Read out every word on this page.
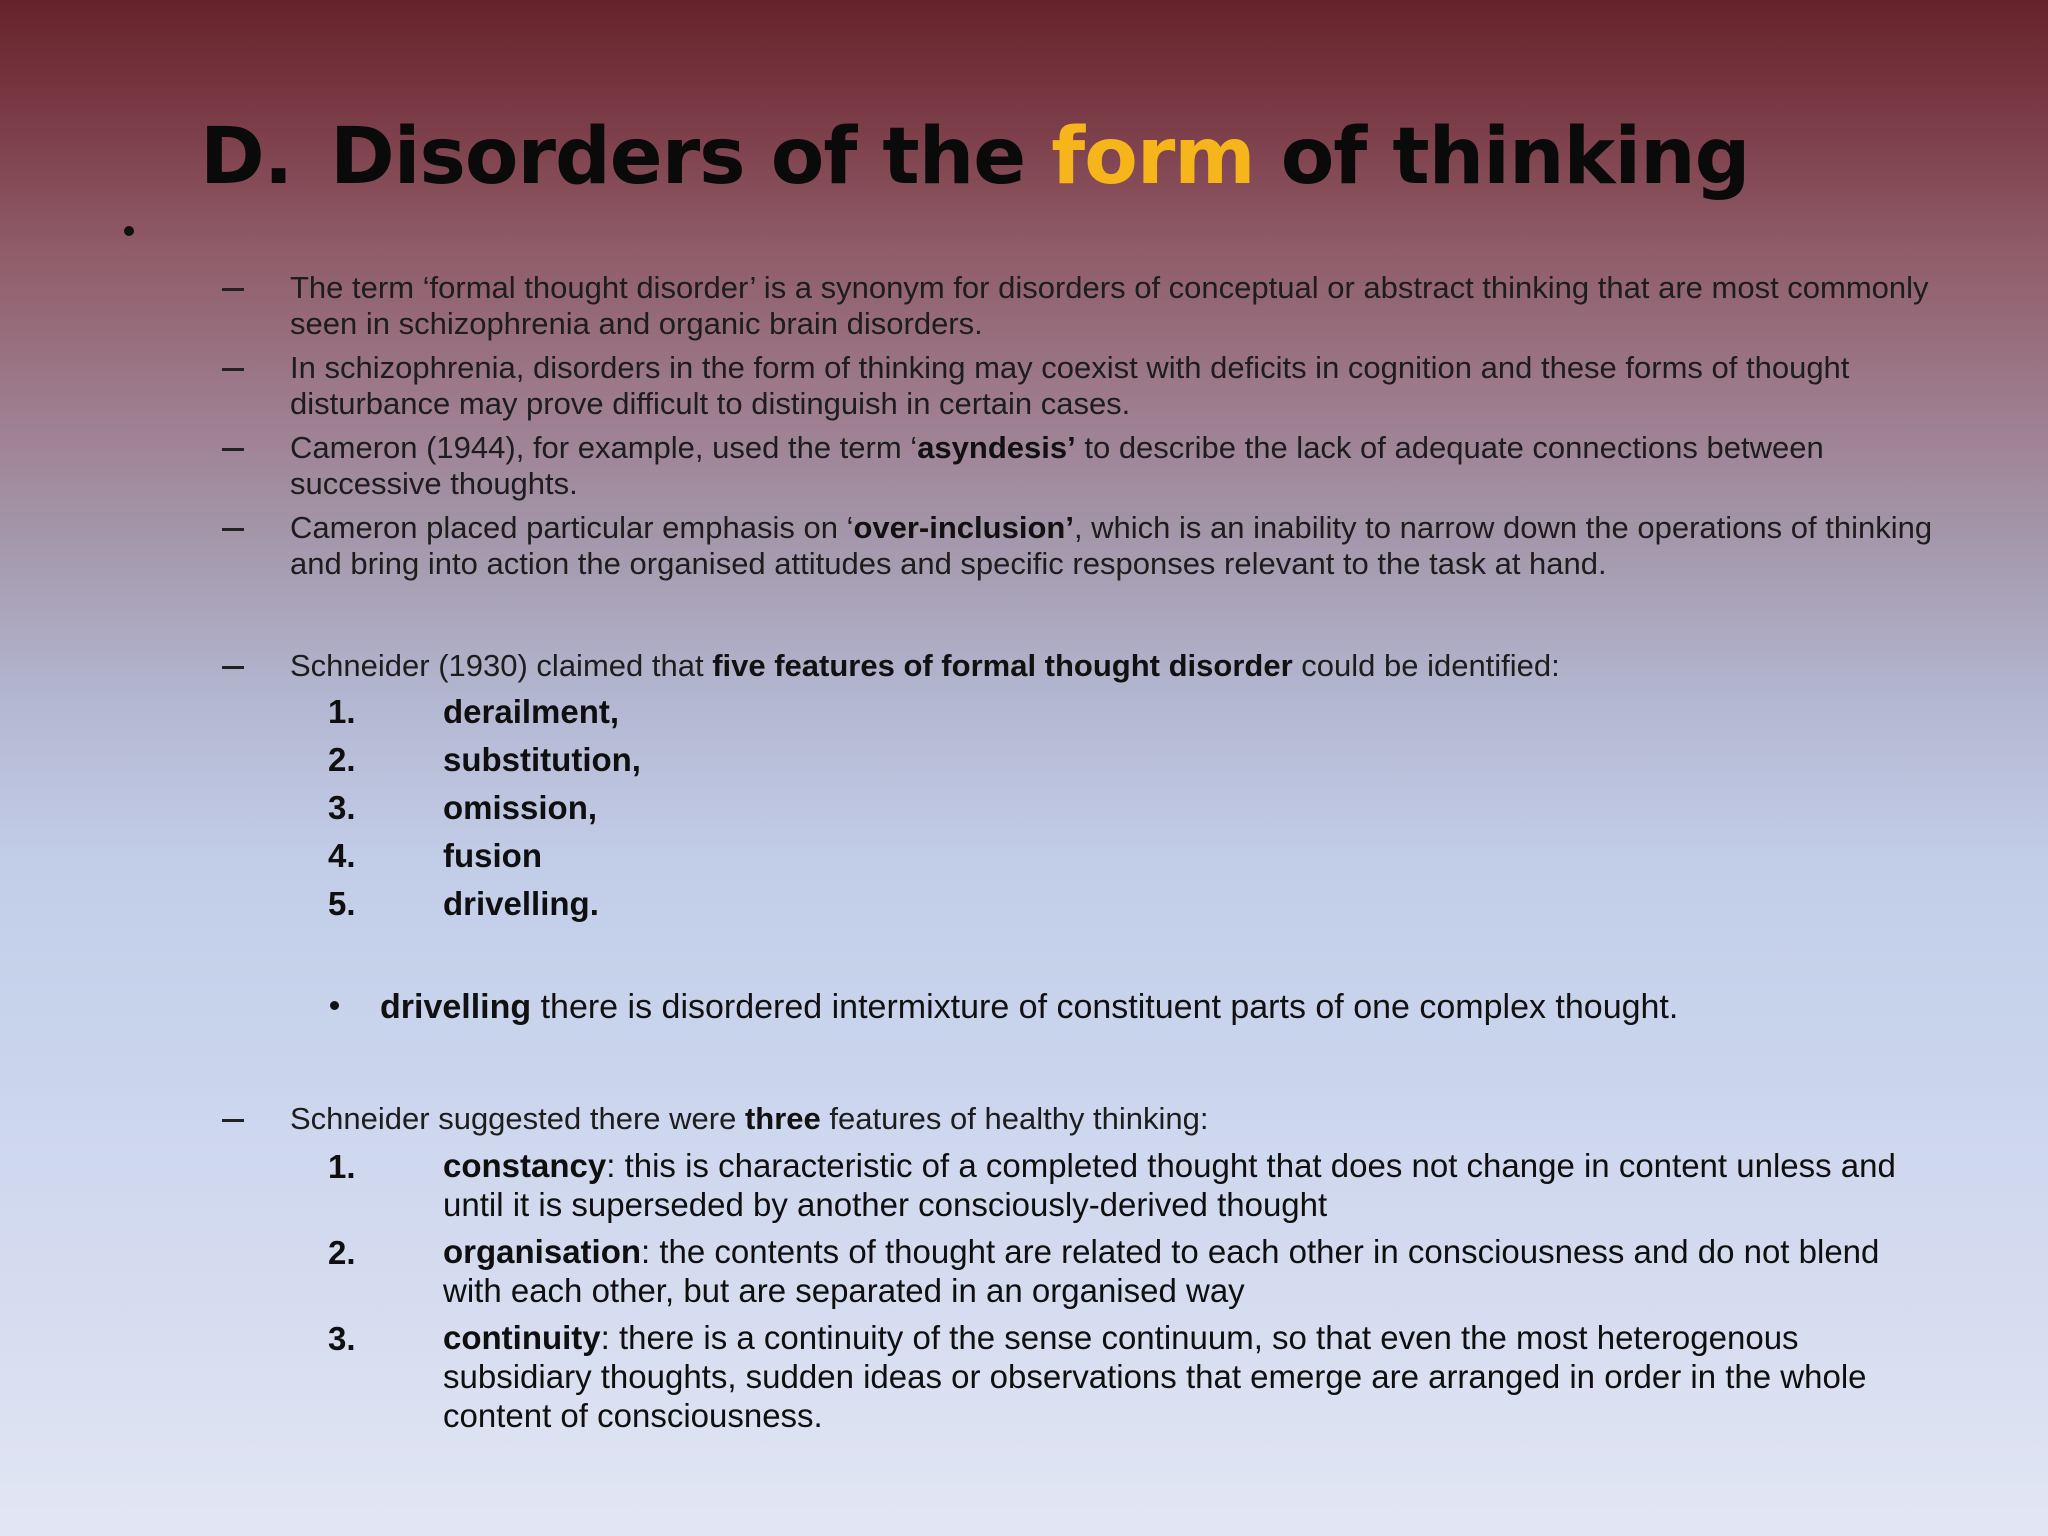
D. Disorders of the form of thinking

The term ‘formal thought disorder’ is a synonym for disorders of conceptual or abstract thinking that are most commonly seen in schizophrenia and organic brain disorders.

In schizophrenia, disorders in the form of thinking may coexist with deficits in cognition and these forms of thought disturbance may prove difficult to distinguish in certain cases.

Cameron (1944), for example, used the term ‘asyndesis’ to describe the lack of adequate connections between successive thoughts.

Cameron placed particular emphasis on ‘over-inclusion’, which is an inability to narrow down the operations of thinking and bring into action the organised attitudes and specific responses relevant to the task at hand.

Schneider (1930) claimed that five features of formal thought disorder could be identified:

1.	derailment,
2.	substitution,
3.	omission,
4.	fusion
5.	drivelling.
drivelling there is disordered intermixture of constituent parts of one complex thought.

Schneider suggested there were three features of healthy thinking:

1.	constancy: this is characteristic of a completed thought that does not change in content unless and until it is superseded by another consciously-derived thought
2.	organisation: the contents of thought are related to each other in consciousness and do not blend with each other, but are separated in an organised way
3.	continuity: there is a continuity of the sense continuum, so that even the most heterogenous subsidiary thoughts, sudden ideas or observations that emerge are arranged in order in the whole content of consciousness.
